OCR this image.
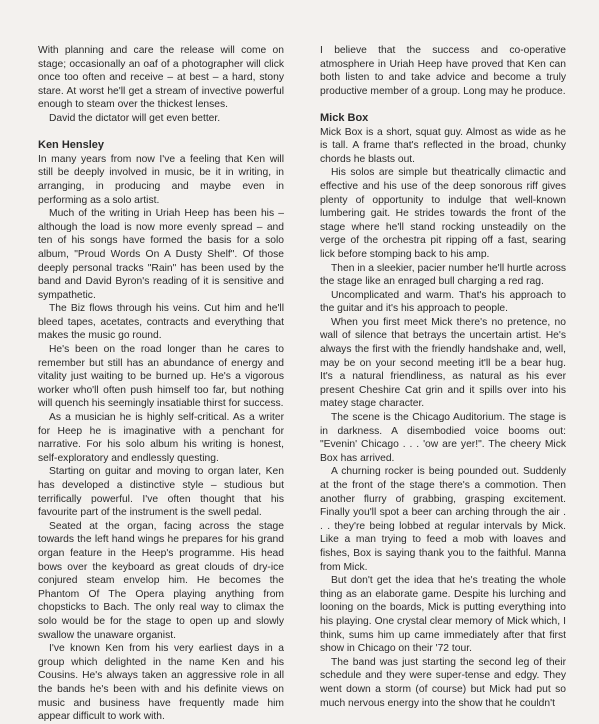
With planning and care the release will come on stage; occasionally an oaf of a photographer will click once too often and receive – at best – a hard, stony stare. At worst he'll get a stream of invective powerful enough to steam over the thickest lenses.

David the dictator will get even better.

Ken Hensley

In many years from now I've a feeling that Ken will still be deeply involved in music, be it in writing, in arranging, in producing and maybe even in performing as a solo artist.

Much of the writing in Uriah Heep has been his – although the load is now more evenly spread – and ten of his songs have formed the basis for a solo album, "Proud Words On A Dusty Shelf". Of those deeply personal tracks "Rain" has been used by the band and David Byron's reading of it is sensitive and sympathetic.

The Biz flows through his veins. Cut him and he'll bleed tapes, acetates, contracts and everything that makes the music go round.

He's been on the road longer than he cares to remember but still has an abundance of energy and vitality just waiting to be burned up. He's a vigorous worker who'll often push himself too far, but nothing will quench his seemingly insatiable thirst for success.

As a musician he is highly self-critical. As a writer for Heep he is imaginative with a penchant for narrative. For his solo album his writing is honest, self-exploratory and endlessly questing.

Starting on guitar and moving to organ later, Ken has developed a distinctive style – studious but terrifically powerful. I've often thought that his favourite part of the instrument is the swell pedal.

Seated at the organ, facing across the stage towards the left hand wings he prepares for his grand organ feature in the Heep's programme. His head bows over the keyboard as great clouds of dry-ice conjured steam envelop him. He becomes the Phantom Of The Opera playing anything from chopsticks to Bach. The only real way to climax the solo would be for the stage to open up and slowly swallow the unaware organist.

I've known Ken from his very earliest days in a group which delighted in the name Ken and his Cousins. He's always taken an aggressive role in all the bands he's been with and his definite views on music and business have frequently made him appear difficult to work with.

I believe that the success and co-operative atmosphere in Uriah Heep have proved that Ken can both listen to and take advice and become a truly productive member of a group. Long may he produce.

Mick Box

Mick Box is a short, squat guy. Almost as wide as he is tall. A frame that's reflected in the broad, chunky chords he blasts out.

His solos are simple but theatrically climactic and effective and his use of the deep sonorous riff gives plenty of opportunity to indulge that well-known lumbering gait. He strides towards the front of the stage where he'll stand rocking unsteadily on the verge of the orchestra pit ripping off a fast, searing lick before stomping back to his amp.

Then in a sleekier, pacier number he'll hurtle across the stage like an enraged bull charging a red rag.

Uncomplicated and warm. That's his approach to the guitar and it's his approach to people.

When you first meet Mick there's no pretence, no wall of silence that betrays the uncertain artist. He's always the first with the friendly handshake and, well, may be on your second meeting it'll be a bear hug. It's a natural friendliness, as natural as his ever present Cheshire Cat grin and it spills over into his matey stage character.

The scene is the Chicago Auditorium. The stage is in darkness. A disembodied voice booms out: "Evenin' Chicago . . . 'ow are yer!". The cheery Mick Box has arrived.

A churning rocker is being pounded out. Suddenly at the front of the stage there's a commotion. Then another flurry of grabbing, grasping excitement. Finally you'll spot a beer can arching through the air . . . they're being lobbed at regular intervals by Mick. Like a man trying to feed a mob with loaves and fishes, Box is saying thank you to the faithful. Manna from Mick.

But don't get the idea that he's treating the whole thing as an elaborate game. Despite his lurching and looning on the boards, Mick is putting everything into his playing. One crystal clear memory of Mick which, I think, sums him up came immediately after that first show in Chicago on their '72 tour.

The band was just starting the second leg of their schedule and they were super-tense and edgy. They went down a storm (of course) but Mick had put so much nervous energy into the show that he couldn't
